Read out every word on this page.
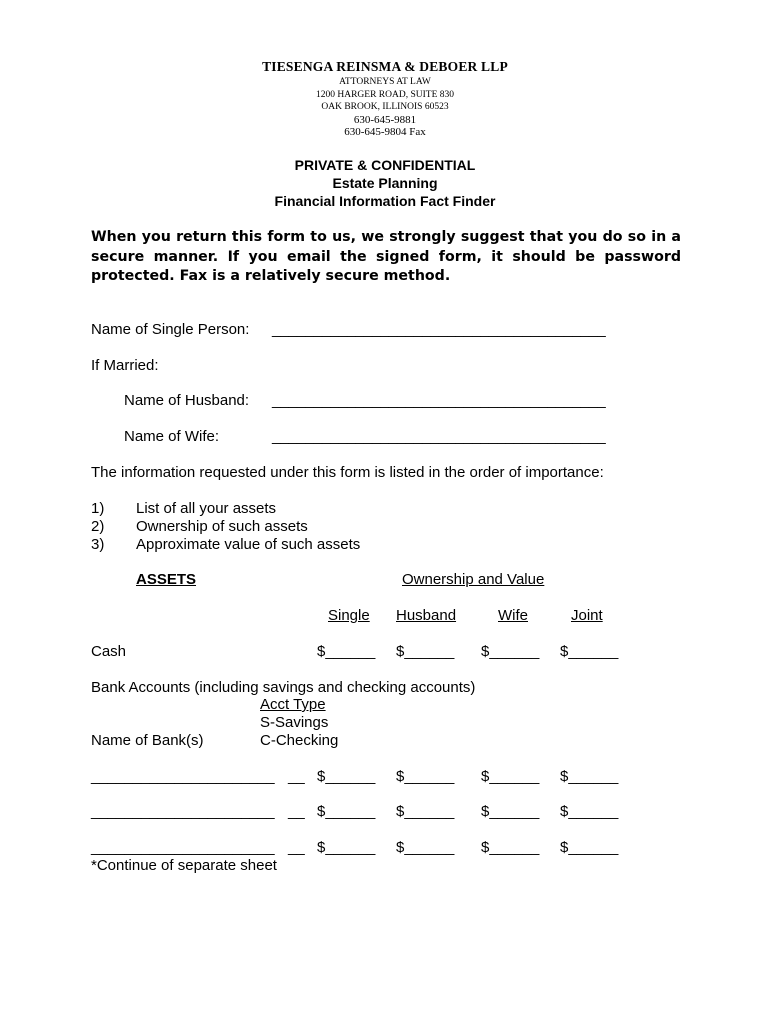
TIESENGA REINSMA & DEBOER LLP
ATTORNEYS AT LAW
1200 HARGER ROAD, SUITE 830
OAK BROOK, ILLINOIS 60523
630-645-9881
630-645-9804 Fax
PRIVATE & CONFIDENTIAL
Estate Planning
Financial Information Fact Finder
When you return this form to us, we strongly suggest that you do so in a secure manner. If you email the signed form, it should be password protected. Fax is a relatively secure method.
Name of Single Person: ________________________________________
If Married:
Name of Husband: ________________________________________
Name of Wife:	________________________________________
The information requested under this form is listed in the order of importance:
1) List of all your assets
2) Ownership of such assets
3) Approximate value of such assets
ASSETS	Ownership and Value
Single Husband	Wife	Joint
Cash	$______ $______ $______ $______
Bank Accounts (including savings and checking accounts)
Acct Type
S-Savings
Name of Bank(s)	C-Checking
______________________ __ $______ $______ $______ $______
______________________ __ $______ $______ $______ $______
______________________ __ $______ $______ $______ $______
*Continue of separate sheet
